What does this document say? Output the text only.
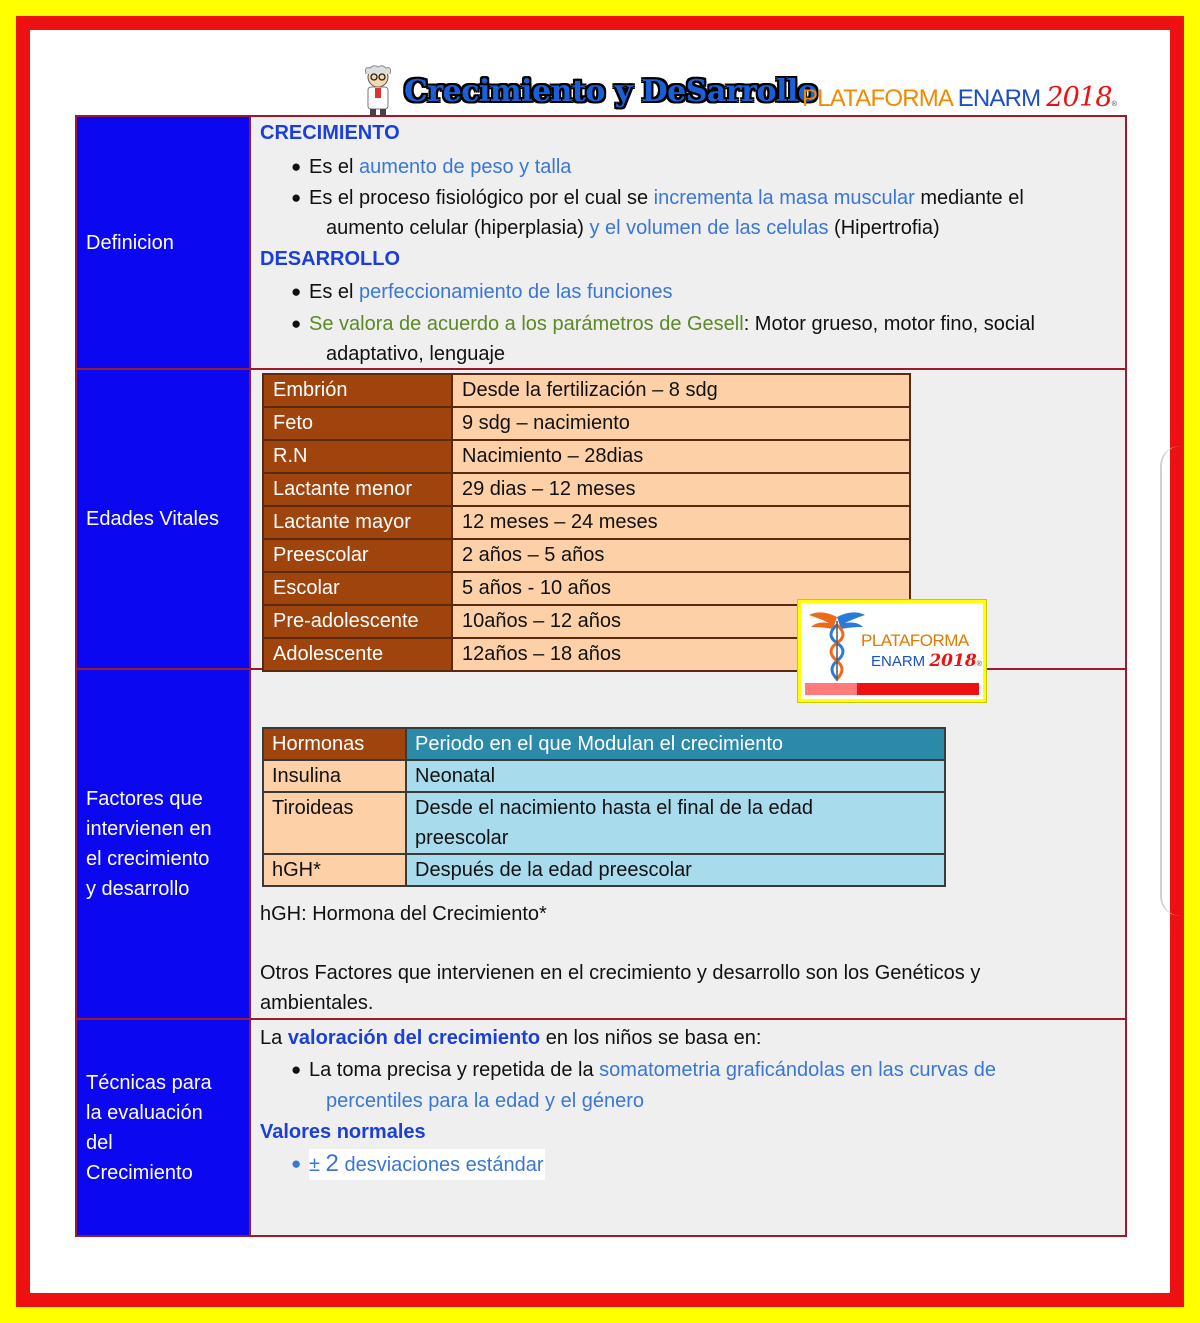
Crecimiento y DeSarrollo
PLATAFORMA ENARM 2018®
Definicion
CRECIMIENTO
● Es el aumento de peso y talla
● Es el proceso fisiológico por el cual se incrementa la masa muscular mediante el
aumento celular (hiperplasia) y el volumen de las celulas (Hipertrofia)
DESARROLLO
● Es el perfeccionamiento de las funciones
● Se valora de acuerdo a los parámetros de Gesell: Motor grueso, motor fino, social
adaptativo, lenguaje
Edades Vitales
Embrión	Desde la fertilización – 8 sdg
Feto	9 sdg – nacimiento
R.N	Nacimiento – 28dias
Lactante menor	29 dias – 12 meses
Lactante mayor	12 meses – 24 meses
Preescolar	2 años – 5 años
Escolar	5 años - 10 años
Pre-adolescente	10años – 12 años
Adolescente	12años – 18 años
Factores que
intervienen en
el crecimiento
y desarrollo
Hormonas	Periodo en el que Modulan el crecimiento
Insulina	Neonatal
Tiroideas	Desde el nacimiento hasta el final de la edad
preescolar

hGH*	Después de la edad preescolar
hGH: Hormona del Crecimiento*
Otros Factores que intervienen en el crecimiento y desarrollo son los Genéticos y
ambientales.
Técnicas para
la evaluación
del
Crecimiento
La valoración del crecimiento en los niños se basa en:
● La toma precisa y repetida de la somatometria graficándolas en las curvas de
percentiles para la edad y el género
Valores normales
● ± 2 desviaciones estándar
PLATAFORMA
ENARM 2018®
